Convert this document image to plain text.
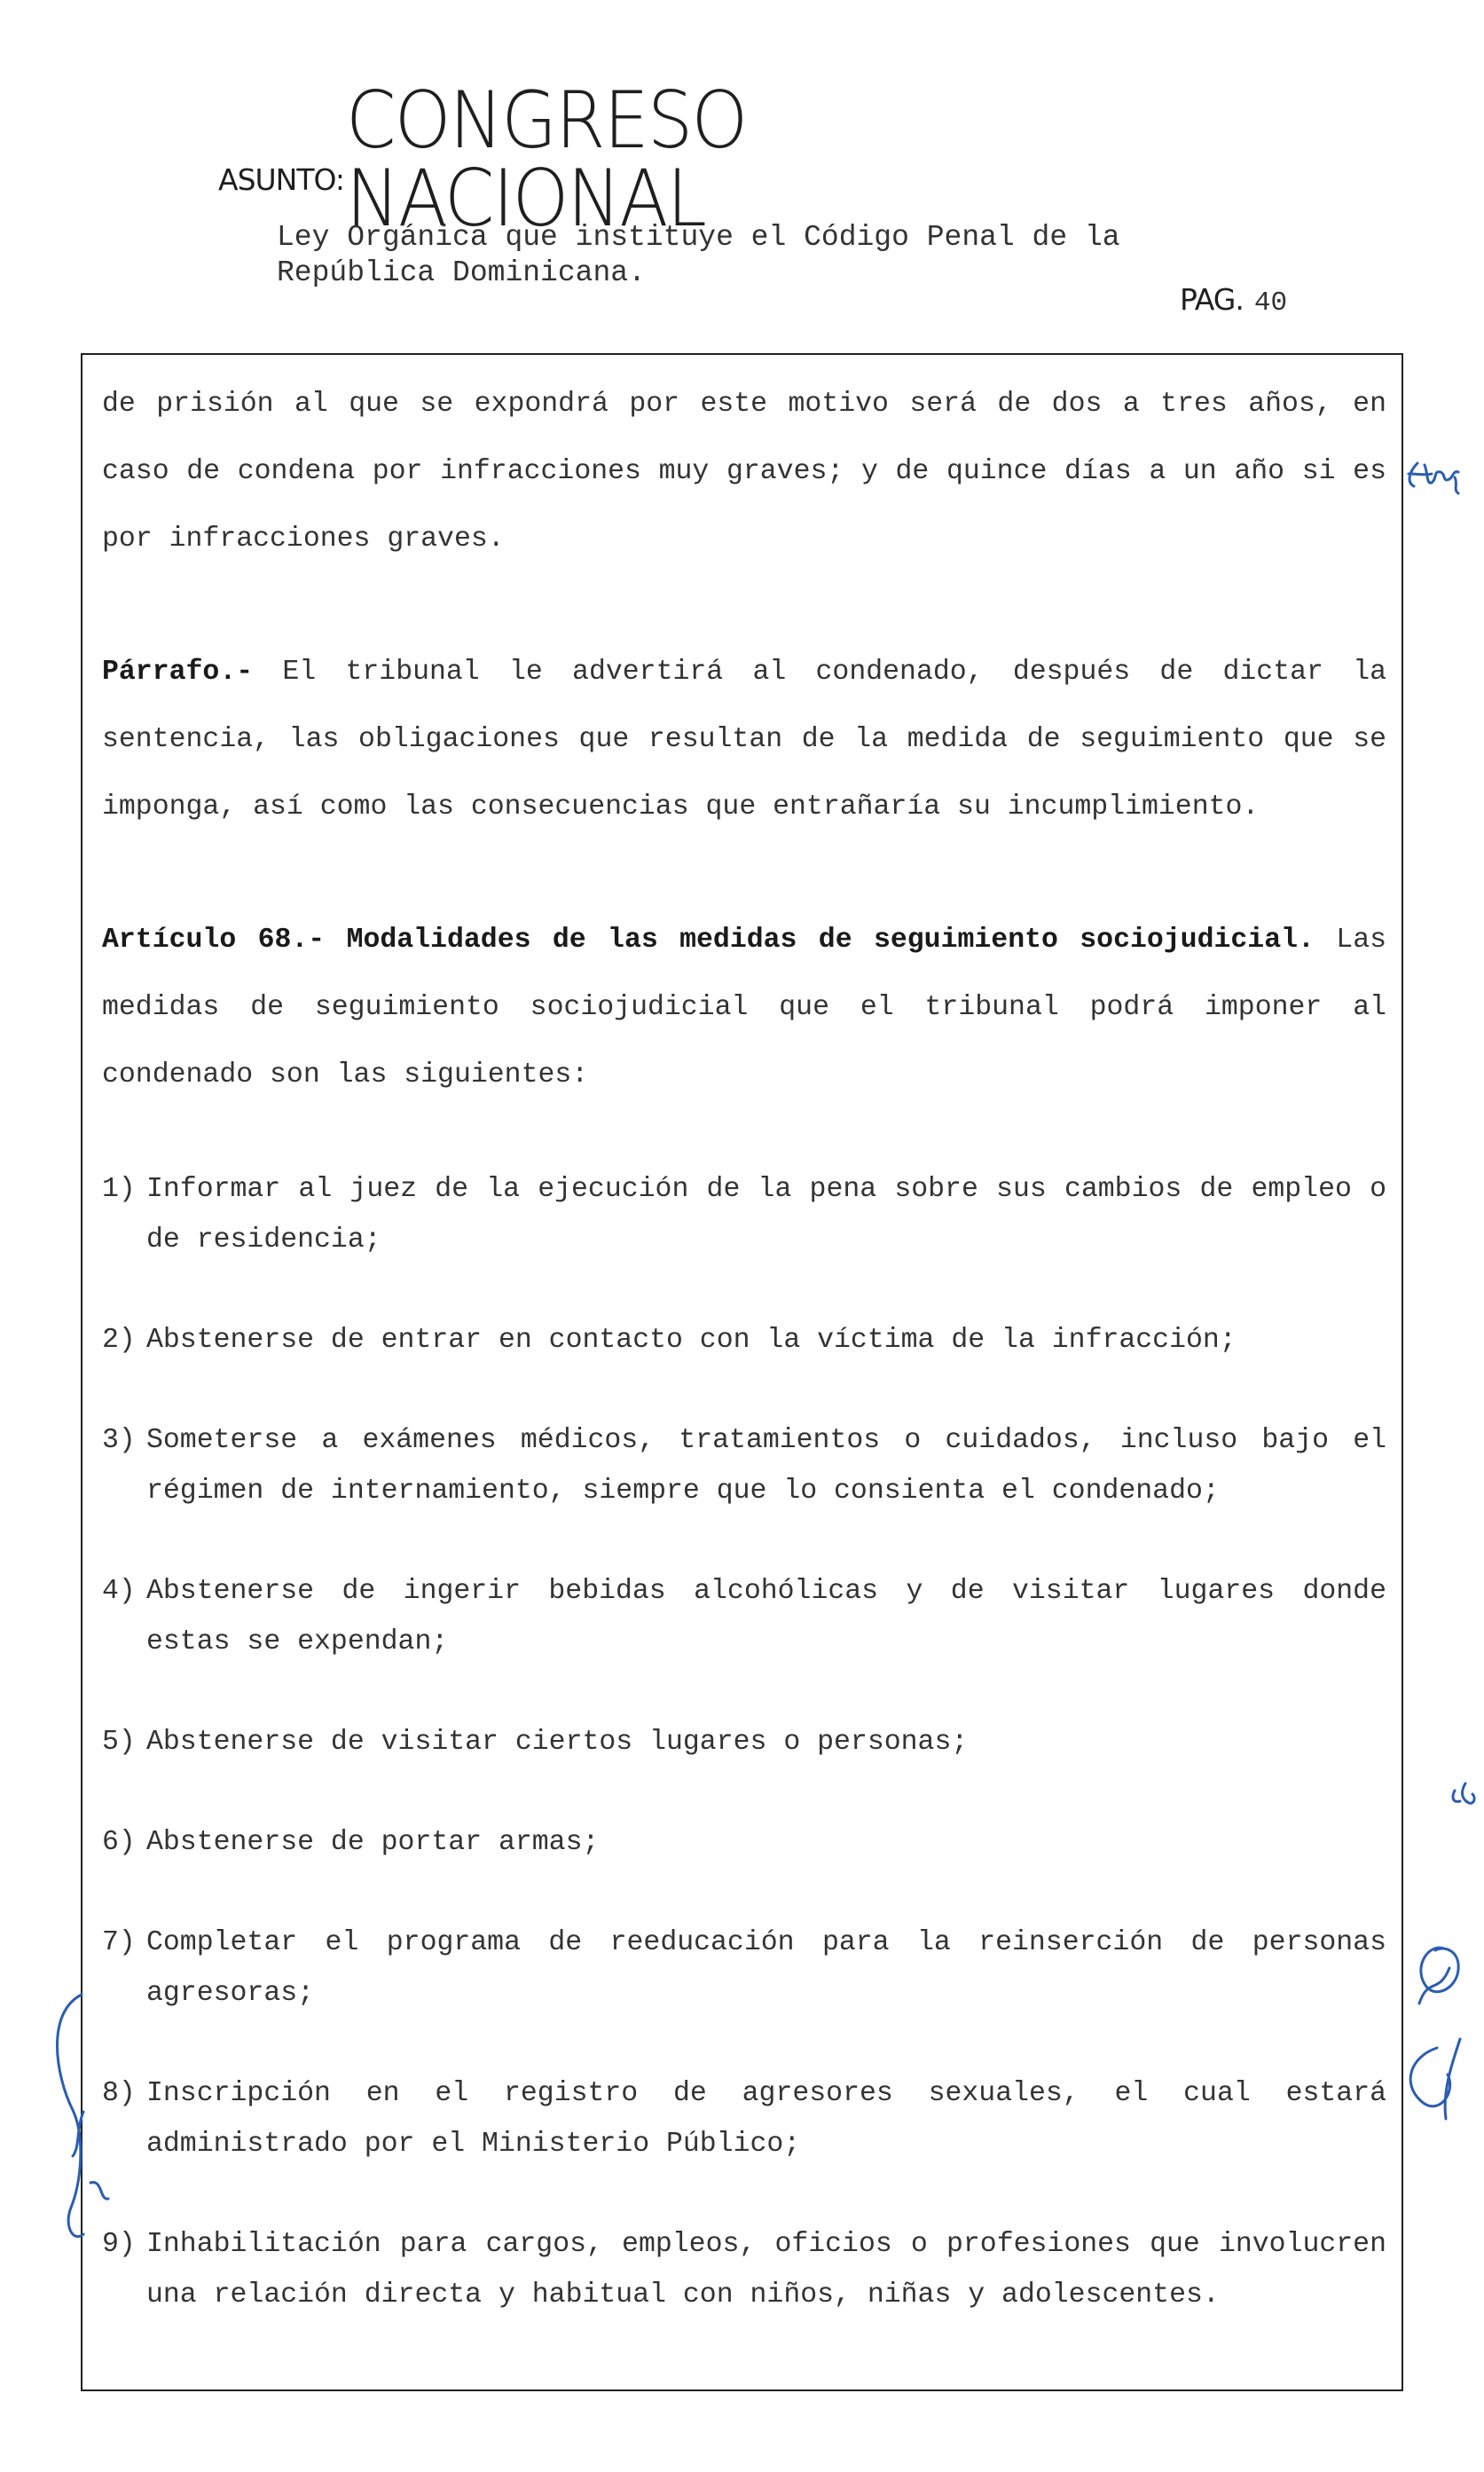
CONGRESO NACIONAL
ASUNTO:
Ley Orgánica que instituye el Código Penal de la
República Dominicana.
PAG. 40

de prisión al que se expondrá por este motivo será de dos a tres años, en caso de condena por infracciones muy graves; y de quince días a un año si es por infracciones graves.

Párrafo.- El tribunal le advertirá al condenado, después de dictar la sentencia, las obligaciones que resultan de la medida de seguimiento que se imponga, así como las consecuencias que entrañaría su incumplimiento.

Artículo 68.- Modalidades de las medidas de seguimiento sociojudicial. Las medidas de seguimiento sociojudicial que el tribunal podrá imponer al condenado son las siguientes:

1) Informar al juez de la ejecución de la pena sobre sus cambios de empleo o de residencia;
2) Abstenerse de entrar en contacto con la víctima de la infracción;
3) Someterse a exámenes médicos, tratamientos o cuidados, incluso bajo el régimen de internamiento, siempre que lo consienta el condenado;
4) Abstenerse de ingerir bebidas alcohólicas y de visitar lugares donde estas se expendan;
5) Abstenerse de visitar ciertos lugares o personas;
6) Abstenerse de portar armas;
7) Completar el programa de reeducación para la reinserción de personas agresoras;
8) Inscripción en el registro de agresores sexuales, el cual estará administrado por el Ministerio Público;
9) Inhabilitación para cargos, empleos, oficios o profesiones que involucren una relación directa y habitual con niños, niñas y adolescentes.
